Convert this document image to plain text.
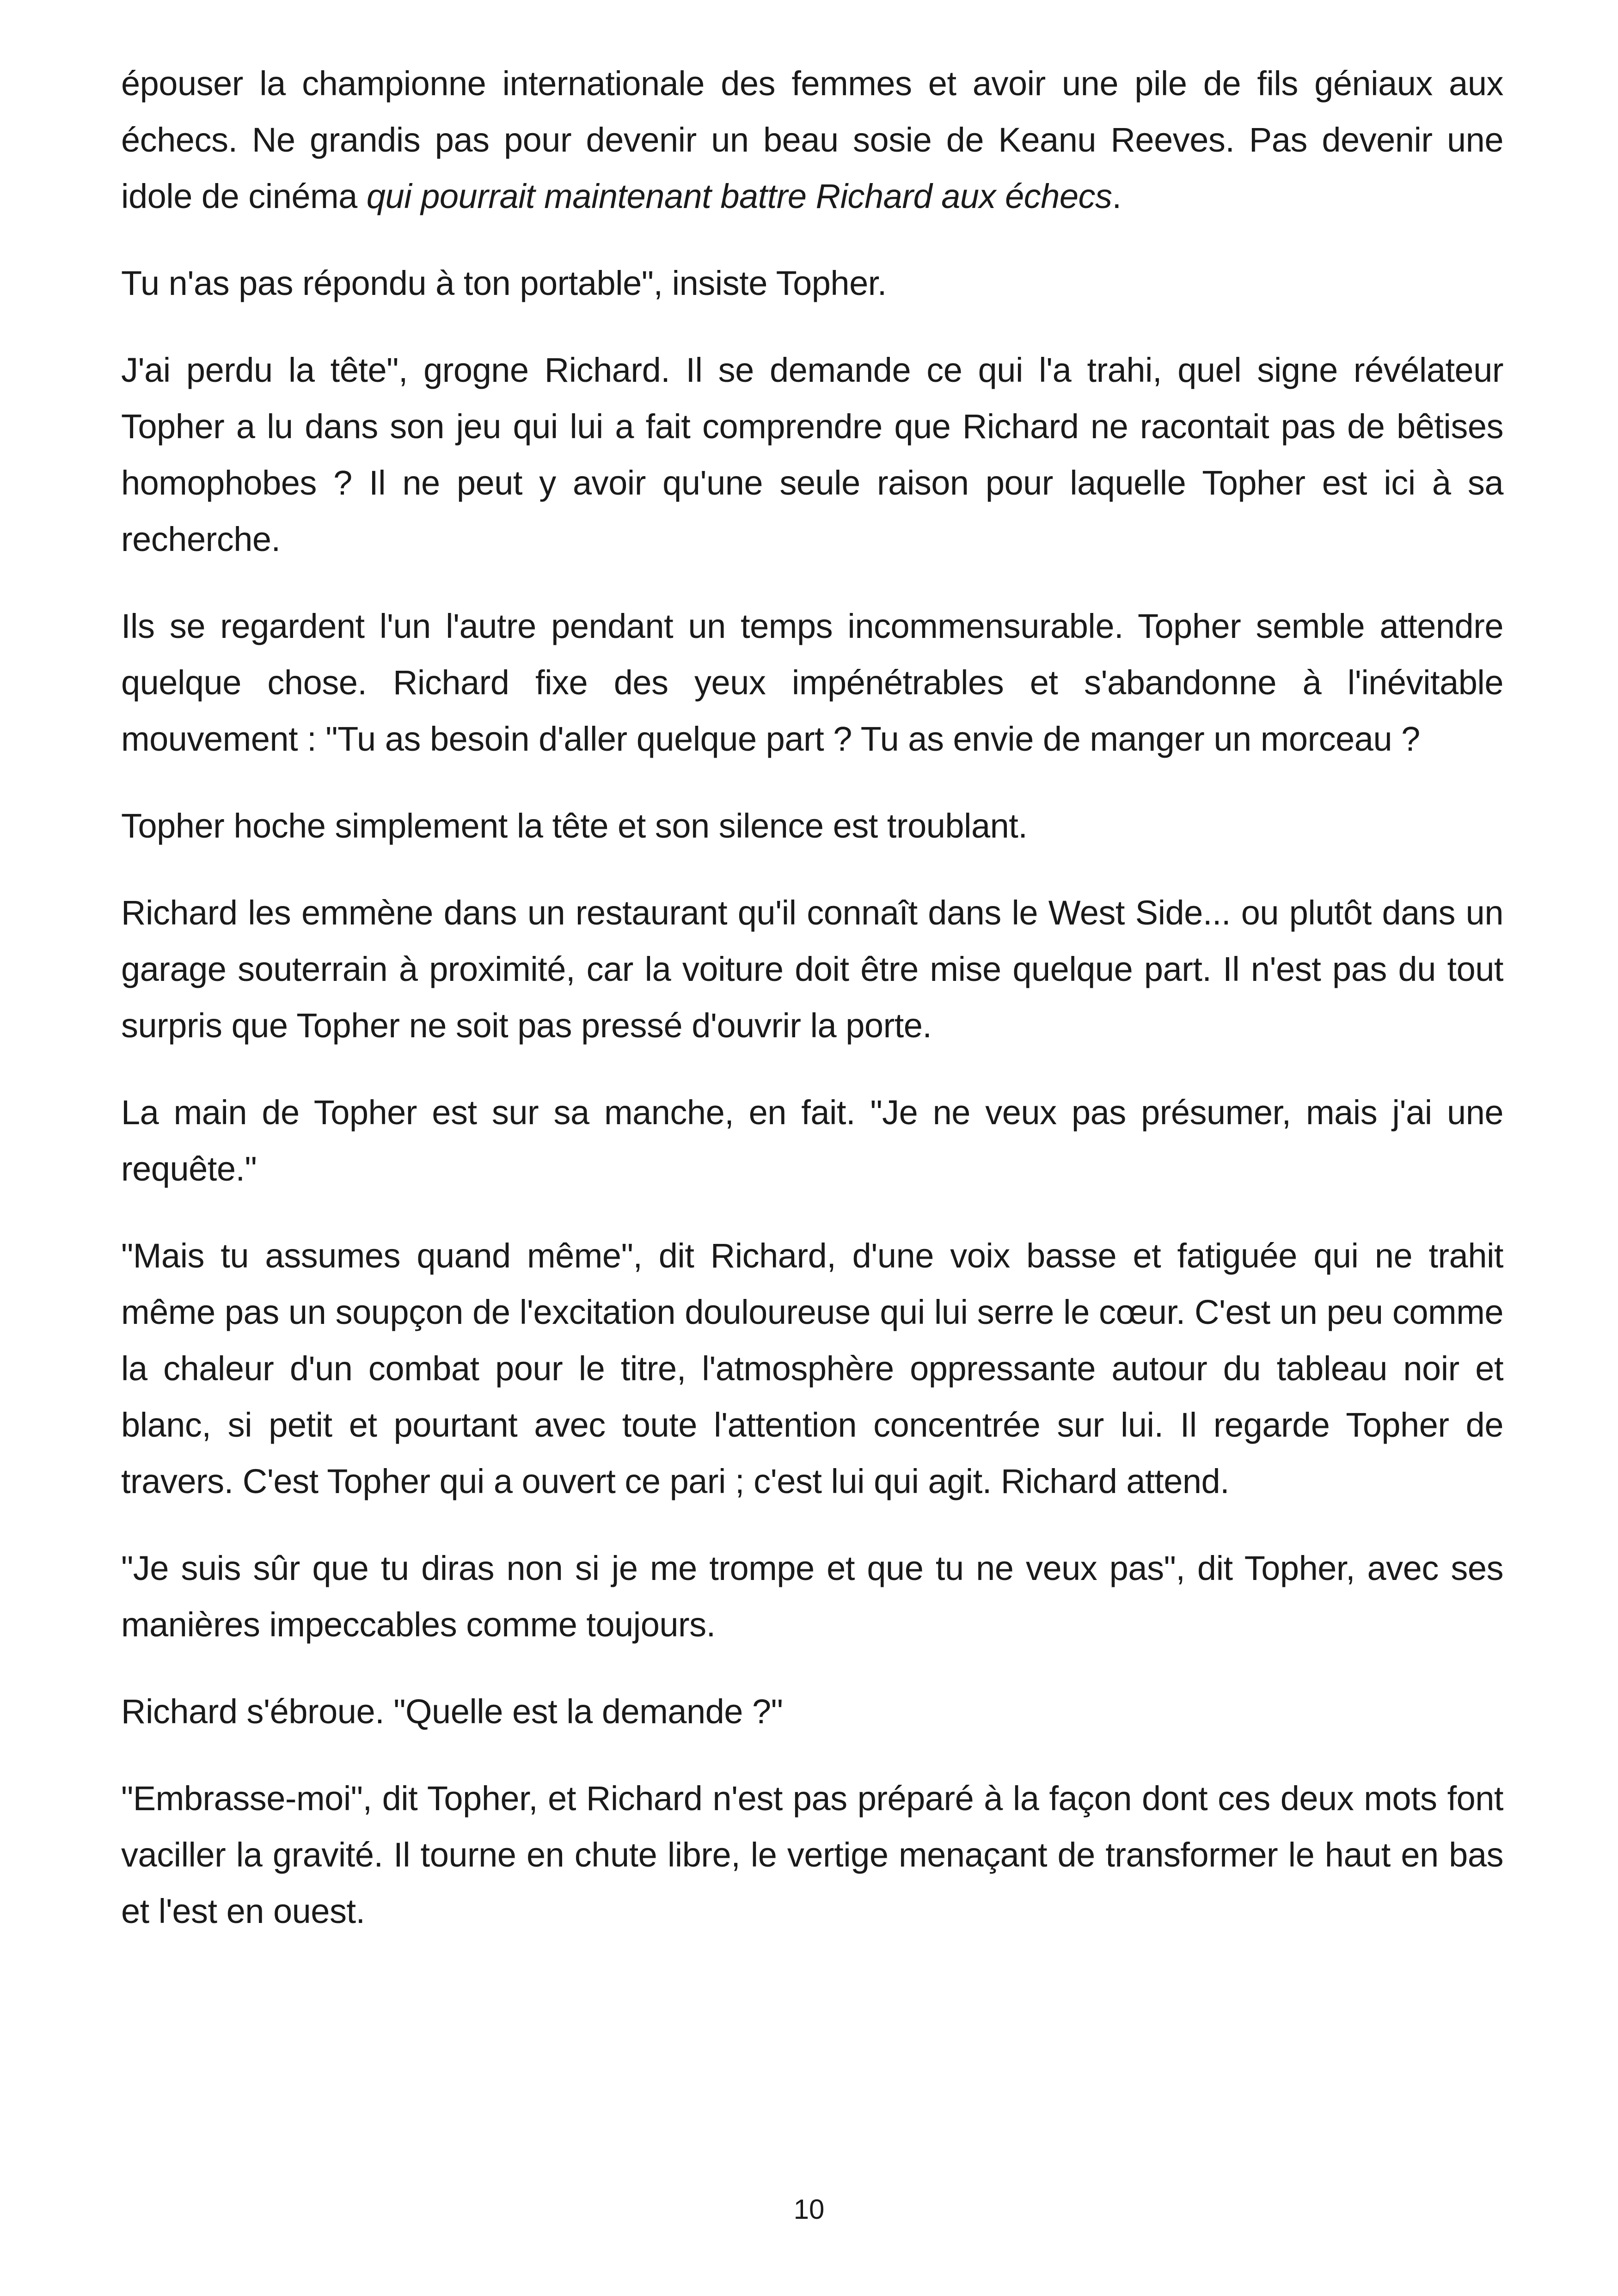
épouser la championne internationale des femmes et avoir une pile de fils géniaux aux échecs. Ne grandis pas pour devenir un beau sosie de Keanu Reeves. Pas devenir une idole de cinéma qui pourrait maintenant battre Richard aux échecs.

Tu n'as pas répondu à ton portable", insiste Topher.

J'ai perdu la tête", grogne Richard. Il se demande ce qui l'a trahi, quel signe révélateur Topher a lu dans son jeu qui lui a fait comprendre que Richard ne racontait pas de bêtises homophobes ? Il ne peut y avoir qu'une seule raison pour laquelle Topher est ici à sa recherche.

Ils se regardent l'un l'autre pendant un temps incommensurable. Topher semble attendre quelque chose. Richard fixe des yeux impénétrables et s'abandonne à l'inévitable mouvement : "Tu as besoin d'aller quelque part ? Tu as envie de manger un morceau ?

Topher hoche simplement la tête et son silence est troublant.

Richard les emmène dans un restaurant qu'il connaît dans le West Side... ou plutôt dans un garage souterrain à proximité, car la voiture doit être mise quelque part. Il n'est pas du tout surpris que Topher ne soit pas pressé d'ouvrir la porte.

La main de Topher est sur sa manche, en fait. "Je ne veux pas présumer, mais j'ai une requête."

"Mais tu assumes quand même", dit Richard, d'une voix basse et fatiguée qui ne trahit même pas un soupçon de l'excitation douloureuse qui lui serre le cœur. C'est un peu comme la chaleur d'un combat pour le titre, l'atmosphère oppressante autour du tableau noir et blanc, si petit et pourtant avec toute l'attention concentrée sur lui. Il regarde Topher de travers. C'est Topher qui a ouvert ce pari ; c'est lui qui agit. Richard attend.

"Je suis sûr que tu diras non si je me trompe et que tu ne veux pas", dit Topher, avec ses manières impeccables comme toujours.

Richard s'ébroue. "Quelle est la demande ?"

"Embrasse-moi", dit Topher, et Richard n'est pas préparé à la façon dont ces deux mots font vaciller la gravité. Il tourne en chute libre, le vertige menaçant de transformer le haut en bas et l'est en ouest.

10
